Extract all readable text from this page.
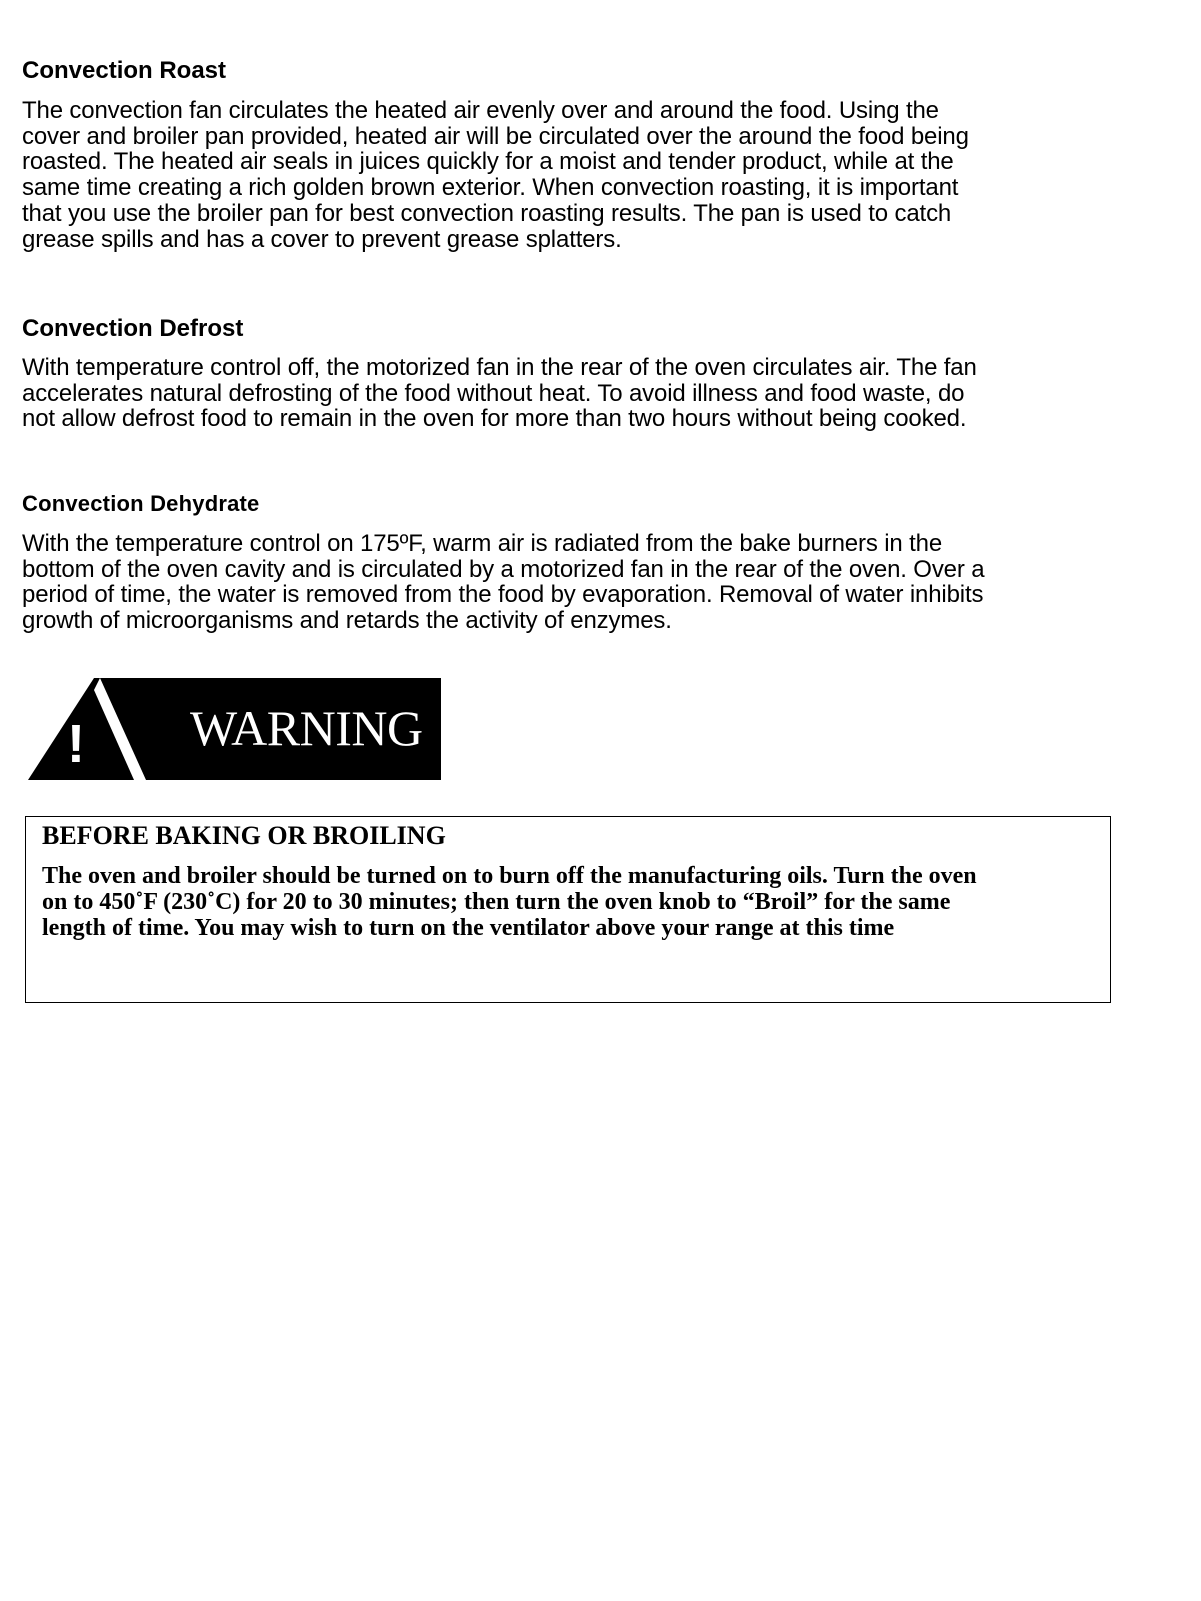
Convection Roast

The convection fan circulates the heated air evenly over and around the food. Using the
cover and broiler pan provided, heated air will be circulated over the around the food being
roasted. The heated air seals in juices quickly for a moist and tender product, while at the
same time creating a rich golden brown exterior. When convection roasting, it is important
that you use the broiler pan for best convection roasting results. The pan is used to catch
grease spills and has a cover to prevent grease splatters.

Convection Defrost

With temperature control off, the motorized fan in the rear of the oven circulates air. The fan
accelerates natural defrosting of the food without heat. To avoid illness and food waste, do
not allow defrost food to remain in the oven for more than two hours without being cooked.

Convection Dehydrate

With the temperature control on 175ºF, warm air is radiated from the bake burners in the
bottom of the oven cavity and is circulated by a motorized fan in the rear of the oven. Over a
period of time, the water is removed from the food by evaporation. Removal of water inhibits
growth of microorganisms and retards the activity of enzymes.

! WARNING

BEFORE BAKING OR BROILING

The oven and broiler should be turned on to burn off the manufacturing oils. Turn the oven
on to 450˚F (230˚C) for 20 to 30 minutes; then turn the oven knob to “Broil” for the same
length of time. You may wish to turn on the ventilator above your range at this time
